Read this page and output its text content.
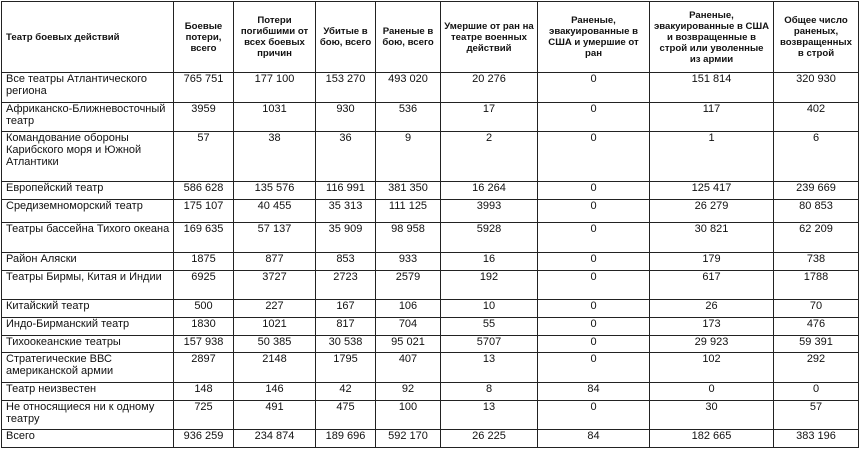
Театр боевых действий	Боевые потери, всего	Потери погибшими от всех боевых причин	Убитые в бою, всего	Раненые в бою, всего	Умершие от ран на театре военных действий	Раненые, эвакуированные в США и умершие от ран	Раненые, эвакуированные в США и возвращенные в строй или уволенные из армии	Общее число раненых, возвращенных в строй
Все театры Атлантического региона	765 751	177 100	153 270	493 020	20 276	0	151 814	320 930
Африканско-Ближневосточный театр	3959	1031	930	536	17	0	117	402
Командование обороны Карибского моря и Южной Атлантики	57	38	36	9	2	0	1	6
Европейский театр	586 628	135 576	116 991	381 350	16 264	0	125 417	239 669
Средиземноморский театр	175 107	40 455	35 313	111 125	3993	0	26 279	80 853
Театры бассейна Тихого океана	169 635	57 137	35 909	98 958	5928	0	30 821	62 209
Район Аляски	1875	877	853	933	16	0	179	738
Театры Бирмы, Китая и Индии	6925	3727	2723	2579	192	0	617	1788
Китайский театр	500	227	167	106	10	0	26	70
Индо-Бирманский театр	1830	1021	817	704	55	0	173	476
Тихоокеанские театры	157 938	50 385	30 538	95 021	5707	0	29 923	59 391
Стратегические ВВС американской армии	2897	2148	1795	407	13	0	102	292
Театр неизвестен	148	146	42	92	8	84	0	0
Не относящиеся ни к одному театру	725	491	475	100	13	0	30	57
Всего	936 259	234 874	189 696	592 170	26 225	84	182 665	383 196
